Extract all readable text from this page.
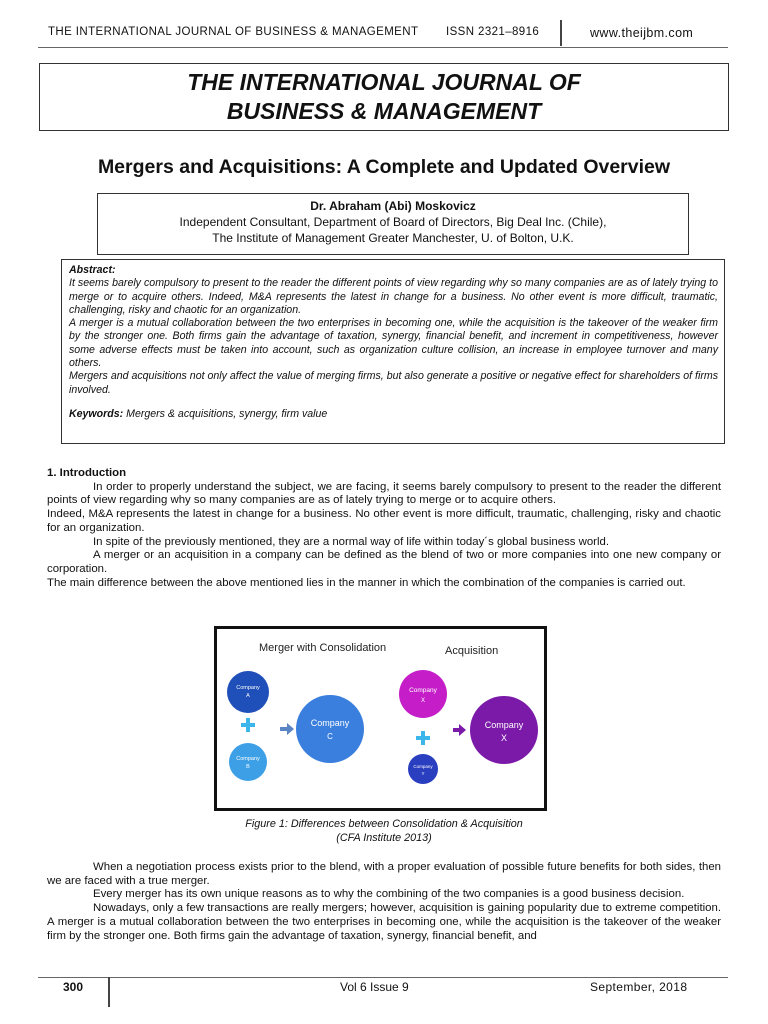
THE INTERNATIONAL JOURNAL OF BUSINESS & MANAGEMENT ISSN 2321–8916	www.theijbm.com
THE INTERNATIONAL JOURNAL OF
BUSINESS & MANAGEMENT
Mergers and Acquisitions: A Complete and Updated Overview
Dr. Abraham (Abi) Moskovicz
Independent Consultant, Department of Board of Directors, Big Deal Inc. (Chile),
The Institute of Management Greater Manchester, U. of Bolton, U.K.

Abstract:

It seems barely compulsory to present to the reader the different points of view regarding why so many companies are as of lately trying to merge or to acquire others. Indeed, M&A represents the latest in change for a business. No other event is more difficult, traumatic, challenging, risky and chaotic for an organization.

A merger is a mutual collaboration between the two enterprises in becoming one, while the acquisition is the takeover of the weaker firm by the stronger one. Both firms gain the advantage of taxation, synergy, financial benefit, and increment in competitiveness, however some adverse effects must be taken into account, such as organization culture collision, an increase in employee turnover and many others.

Mergers and acquisitions not only affect the value of merging firms, but also generate a positive or negative effect for shareholders of firms involved.

Keywords: Mergers & acquisitions, synergy, firm value

1. Introduction

In order to properly understand the subject, we are facing, it seems barely compulsory to present to the reader the different points of view regarding why so many companies are as of lately trying to merge or to acquire others.

Indeed, M&A represents the latest in change for a business. No other event is more difficult, traumatic, challenging, risky and chaotic for an organization.

In spite of the previously mentioned, they are a normal way of life within today´s global business world.

A merger or an acquisition in a company can be defined as the blend of two or more companies into one new company or corporation.

The main difference between the above mentioned lies in the manner in which the combination of the companies is carried out.

Merger with Consolidation	Acquisition
Company
A
Company
B
Company
C
Company
X
Company
Y
Company
X
Figure 1: Differences between Consolidation & Acquisition
(CFA Institute 2013)

When a negotiation process exists prior to the blend, with a proper evaluation of possible future benefits for both sides, then we are faced with a true merger.

Every merger has its own unique reasons as to why the combining of the two companies is a good business decision.

Nowadays, only a few transactions are really mergers; however, acquisition is gaining popularity due to extreme competition. A merger is a mutual collaboration between the two enterprises in becoming one, while the acquisition is the takeover of the weaker firm by the stronger one. Both firms gain the advantage of taxation, synergy, financial benefit, and

300	Vol 6 Issue 9	September, 2018
